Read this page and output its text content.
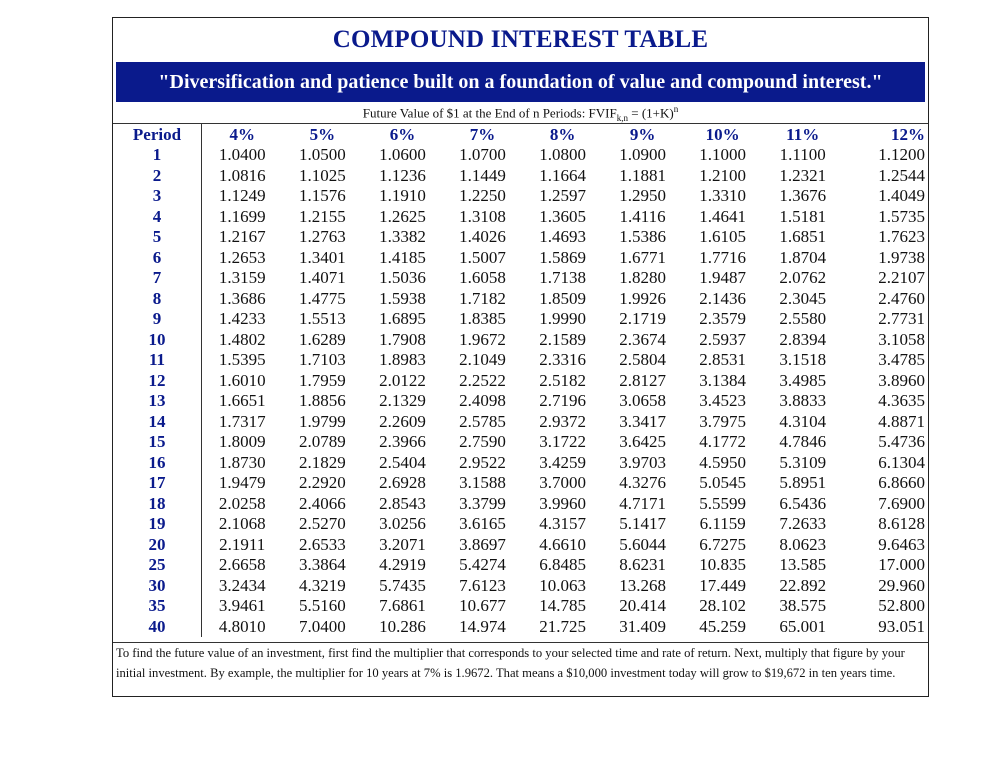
COMPOUND INTEREST TABLE
"Diversification and patience built on a foundation of value and compound interest."
Future Value of $1 at the End of n Periods: $FVIF_{k,n} = (1+K)^n$
Period	4%	5%	6%	7%	8%	9%	10%	11%	12%
1	1.0400	1.0500	1.0600	1.0700	1.0800	1.0900	1.1000	1.1100	1.1200
2	1.0816	1.1025	1.1236	1.1449	1.1664	1.1881	1.2100	1.2321	1.2544
3	1.1249	1.1576	1.1910	1.2250	1.2597	1.2950	1.3310	1.3676	1.4049
4	1.1699	1.2155	1.2625	1.3108	1.3605	1.4116	1.4641	1.5181	1.5735
5	1.2167	1.2763	1.3382	1.4026	1.4693	1.5386	1.6105	1.6851	1.7623
6	1.2653	1.3401	1.4185	1.5007	1.5869	1.6771	1.7716	1.8704	1.9738
7	1.3159	1.4071	1.5036	1.6058	1.7138	1.8280	1.9487	2.0762	2.2107
8	1.3686	1.4775	1.5938	1.7182	1.8509	1.9926	2.1436	2.3045	2.4760
9	1.4233	1.5513	1.6895	1.8385	1.9990	2.1719	2.3579	2.5580	2.7731
10	1.4802	1.6289	1.7908	1.9672	2.1589	2.3674	2.5937	2.8394	3.1058
11	1.5395	1.7103	1.8983	2.1049	2.3316	2.5804	2.8531	3.1518	3.4785
12	1.6010	1.7959	2.0122	2.2522	2.5182	2.8127	3.1384	3.4985	3.8960
13	1.6651	1.8856	2.1329	2.4098	2.7196	3.0658	3.4523	3.8833	4.3635
14	1.7317	1.9799	2.2609	2.5785	2.9372	3.3417	3.7975	4.3104	4.8871
15	1.8009	2.0789	2.3966	2.7590	3.1722	3.6425	4.1772	4.7846	5.4736
16	1.8730	2.1829	2.5404	2.9522	3.4259	3.9703	4.5950	5.3109	6.1304
17	1.9479	2.2920	2.6928	3.1588	3.7000	4.3276	5.0545	5.8951	6.8660
18	2.0258	2.4066	2.8543	3.3799	3.9960	4.7171	5.5599	6.5436	7.6900
19	2.1068	2.5270	3.0256	3.6165	4.3157	5.1417	6.1159	7.2633	8.6128
20	2.1911	2.6533	3.2071	3.8697	4.6610	5.6044	6.7275	8.0623	9.6463
25	2.6658	3.3864	4.2919	5.4274	6.8485	8.6231	10.835	13.585	17.000
30	3.2434	4.3219	5.7435	7.6123	10.063	13.268	17.449	22.892	29.960
35	3.9461	5.5160	7.6861	10.677	14.785	20.414	28.102	38.575	52.800
40	4.8010	7.0400	10.286	14.974	21.725	31.409	45.259	65.001	93.051
To find the future value of an investment, first find the multiplier that corresponds to your selected time and rate of return. Next, multiply that figure by your initial investment. By example, the multiplier for 10 years at 7% is 1.9672. That means a $10,000 investment today will grow to $19,672 in ten years time.
